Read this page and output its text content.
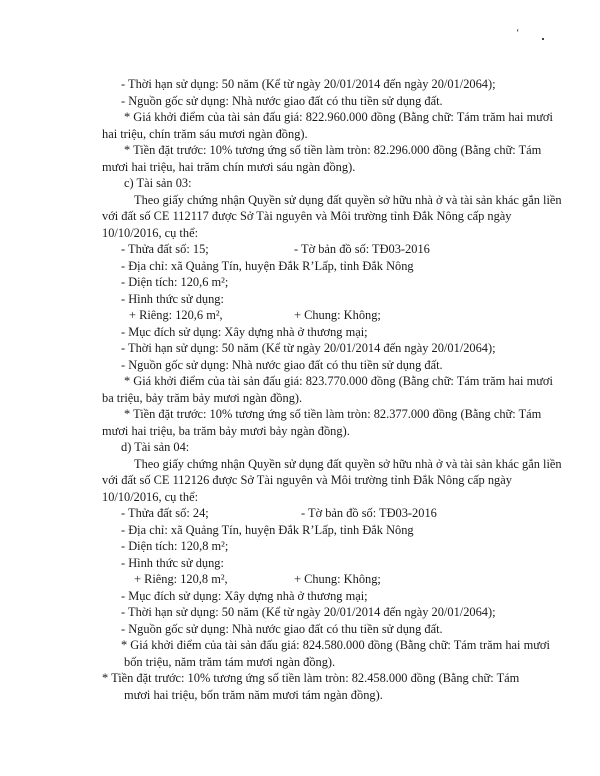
‘
- Thời hạn sử dụng: 50 năm (Kể từ ngày 20/01/2014 đến ngày 20/01/2064);
- Nguồn gốc sử dụng: Nhà nước giao đất có thu tiền sử dụng đất.
* Giá khởi điểm của tài sản đấu giá: 822.960.000 đồng (Bằng chữ: Tám trăm hai mươi
hai triệu, chín trăm sáu mươi ngàn đồng).
* Tiền đặt trước: 10% tương ứng số tiền làm tròn: 82.296.000 đồng (Bằng chữ: Tám
mươi hai triệu, hai trăm chín mươi sáu ngàn đồng).
c) Tài sản 03:
Theo giấy chứng nhận Quyền sử dụng đất quyền sở hữu nhà ở và tài sản khác gắn liền
với đất số CE 112117 được Sở Tài nguyên và Môi trường tỉnh Đắk Nông cấp ngày
10/10/2016, cụ thể:
- Thửa đất số: 15;	- Tờ bản đồ số: TĐ03-2016
- Địa chỉ: xã Quảng Tín, huyện Đắk R’Lấp, tỉnh Đắk Nông
- Diện tích: 120,6 m²;
- Hình thức sử dụng:
+ Riêng: 120,6 m²,	+ Chung: Không;
- Mục đích sử dụng: Xây dựng nhà ở thương mại;
- Thời hạn sử dụng: 50 năm (Kể từ ngày 20/01/2014 đến ngày 20/01/2064);
- Nguồn gốc sử dụng: Nhà nước giao đất có thu tiền sử dụng đất.
* Giá khởi điểm của tài sản đấu giá: 823.770.000 đồng (Bằng chữ: Tám trăm hai mươi
ba triệu, bảy trăm bảy mươi ngàn đồng).
* Tiền đặt trước: 10% tương ứng số tiền làm tròn: 82.377.000 đồng (Bằng chữ: Tám
mươi hai triệu, ba trăm bảy mươi bảy ngàn đồng).
d) Tài sản 04:
Theo giấy chứng nhận Quyền sử dụng đất quyền sở hữu nhà ở và tài sản khác gắn liền
với đất số CE 112126 được Sở Tài nguyên và Môi trường tỉnh Đắk Nông cấp ngày
10/10/2016, cụ thể:
- Thửa đất số: 24;	- Tờ bản đồ số: TĐ03-2016
- Địa chỉ: xã Quảng Tín, huyện Đắk R’Lấp, tỉnh Đắk Nông
- Diện tích: 120,8 m²;
- Hình thức sử dụng:
+ Riêng: 120,8 m²,	+ Chung: Không;
- Mục đích sử dụng: Xây dựng nhà ở thương mại;
- Thời hạn sử dụng: 50 năm (Kể từ ngày 20/01/2014 đến ngày 20/01/2064);
- Nguồn gốc sử dụng: Nhà nước giao đất có thu tiền sử dụng đất.
* Giá khởi điểm của tài sản đấu giá: 824.580.000 đồng (Bằng chữ: Tám trăm hai mươi
bốn triệu, năm trăm tám mươi ngàn đồng).
* Tiền đặt trước: 10% tương ứng số tiền làm tròn: 82.458.000 đồng (Bằng chữ: Tám
mươi hai triệu, bốn trăm năm mươi tám ngàn đồng).
